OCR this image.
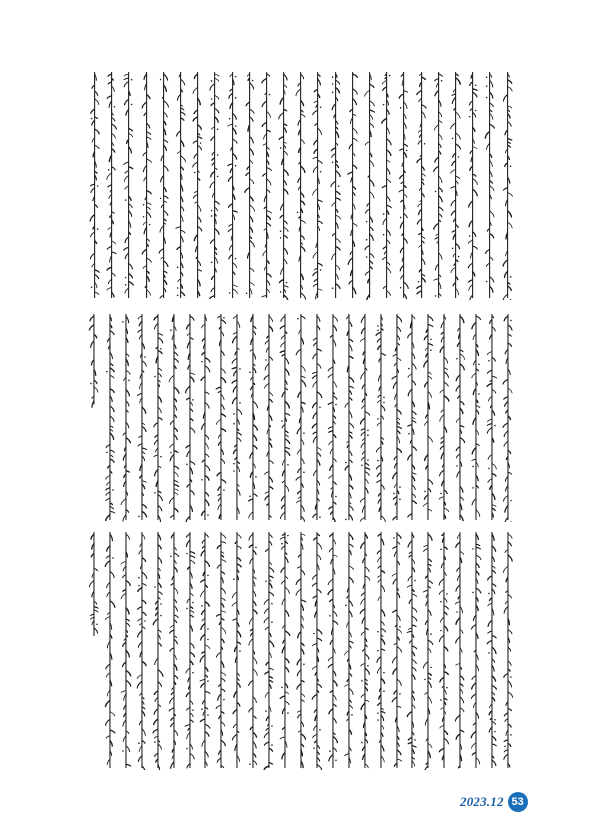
2023.12 53
